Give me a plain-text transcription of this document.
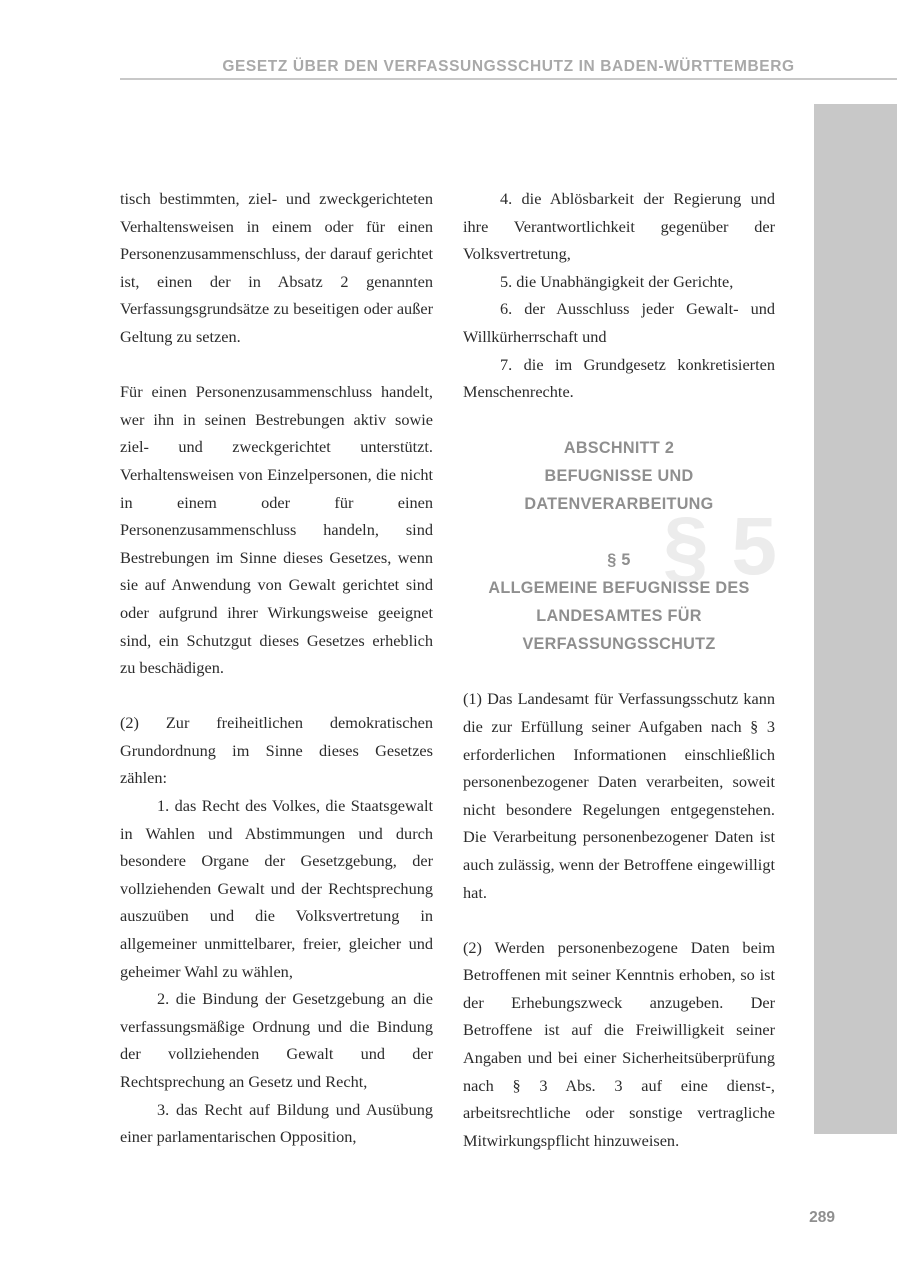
GESETZ ÜBER DEN VERFASSUNGSSCHUTZ IN BADEN-WÜRTTEMBERG

tisch bestimmten, ziel- und zweckgerichteten Verhaltensweisen in einem oder für einen Personenzusammenschluss, der darauf gerichtet ist, einen der in Absatz 2 genannten Verfassungsgrundsätze zu beseitigen oder außer Geltung zu setzen.

Für einen Personenzusammenschluss handelt, wer ihn in seinen Bestrebungen aktiv sowie ziel- und zweckgerichtet unterstützt. Verhaltensweisen von Einzelpersonen, die nicht in einem oder für einen Personenzusammenschluss handeln, sind Bestrebungen im Sinne dieses Gesetzes, wenn sie auf Anwendung von Gewalt gerichtet sind oder aufgrund ihrer Wirkungsweise geeignet sind, ein Schutzgut dieses Gesetzes erheblich zu beschädigen.

(2) Zur freiheitlichen demokratischen Grundordnung im Sinne dieses Gesetzes zählen:

1. das Recht des Volkes, die Staatsgewalt in Wahlen und Abstimmungen und durch besondere Organe der Gesetzgebung, der vollziehenden Gewalt und der Rechtsprechung auszuüben und die Volksvertretung in allgemeiner unmittelbarer, freier, gleicher und geheimer Wahl zu wählen,

2. die Bindung der Gesetzgebung an die verfassungsmäßige Ordnung und die Bindung der vollziehenden Gewalt und der Rechtsprechung an Gesetz und Recht,

3. das Recht auf Bildung und Ausübung einer parlamentarischen Opposition,

4. die Ablösbarkeit der Regierung und ihre Verantwortlichkeit gegenüber der Volksvertretung,

5. die Unabhängigkeit der Gerichte,

6. der Ausschluss jeder Gewalt- und Willkürherrschaft und

7. die im Grundgesetz konkretisierten Menschenrechte.

ABSCHNITT 2
BEFUGNISSE UND
DATENVERARBEITUNG
§ 5
§ 5
ALLGEMEINE BEFUGNISSE DES
LANDESAMTES FÜR
VERFASSUNGSSCHUTZ

(1) Das Landesamt für Verfassungsschutz kann die zur Erfüllung seiner Aufgaben nach § 3 erforderlichen Informationen einschließlich personenbezogener Daten verarbeiten, soweit nicht besondere Regelungen entgegenstehen. Die Verarbeitung personenbezogener Daten ist auch zulässig, wenn der Betroffene eingewilligt hat.

(2) Werden personenbezogene Daten beim Betroffenen mit seiner Kenntnis erhoben, so ist der Erhebungszweck anzugeben. Der Betroffene ist auf die Freiwilligkeit seiner Angaben und bei einer Sicherheitsüberprüfung nach § 3 Abs. 3 auf eine dienst-, arbeitsrechtliche oder sonstige vertragliche Mitwirkungspflicht hinzuweisen.

289
